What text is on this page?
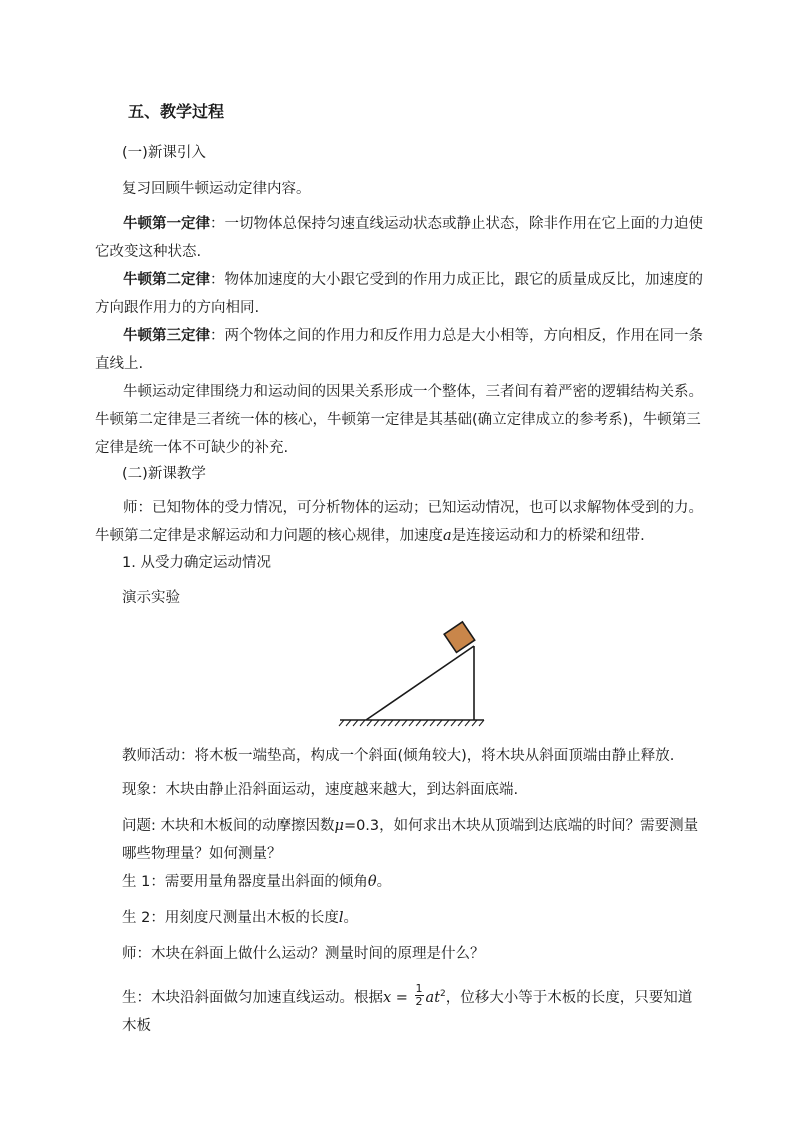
五、教学过程

(一)新课引入

复习回顾牛顿运动定律内容。

牛顿第一定律：一切物体总保持匀速直线运动状态或静止状态，除非作用在它上面的力迫使它改变这种状态.

牛顿第二定律：物体加速度的大小跟它受到的作用力成正比，跟它的质量成反比，加速度的方向跟作用力的方向相同.

牛顿第三定律：两个物体之间的作用力和反作用力总是大小相等，方向相反，作用在同一条直线上.

牛顿运动定律围绕力和运动间的因果关系形成一个整体，三者间有着严密的逻辑结构关系。牛顿第二定律是三者统一体的核心，牛顿第一定律是其基础(确立定律成立的参考系)，牛顿第三定律是统一体不可缺少的补充.

(二)新课教学

师：已知物体的受力情况，可分析物体的运动；已知运动情况，也可以求解物体受到的力。牛顿第二定律是求解运动和力问题的核心规律，加速度a是连接运动和力的桥梁和纽带.

1. 从受力确定运动情况

演示实验

教师活动：将木板一端垫高，构成一个斜面(倾角较大)，将木块从斜面顶端由静止释放.

现象：木块由静止沿斜面运动，速度越来越大，到达斜面底端.

问题: 木块和木板间的动摩擦因数μ=0.3，如何求出木块从顶端到达底端的时间？需要测量哪些物理量？如何测量？

生 1：需要用量角器度量出斜面的倾角θ。

生 2：用刻度尺测量出木板的长度l。

师：木块在斜面上做什么运动？测量时间的原理是什么？

生：木块沿斜面做匀加速直线运动。根据$x = \frac{1}{2} at^2$，位移大小等于木板的长度，只要知道木板
